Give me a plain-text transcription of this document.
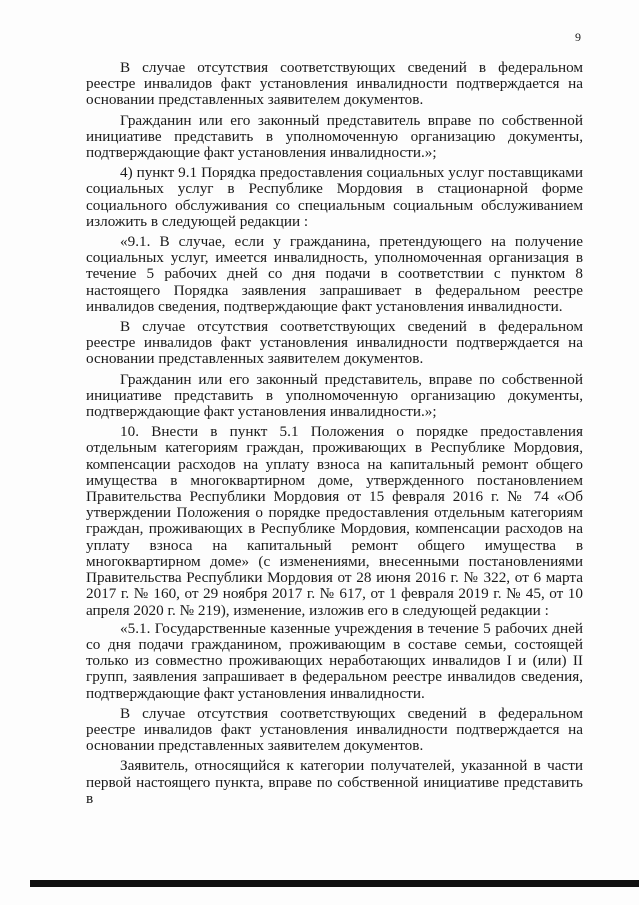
9

В случае отсутствия соответствующих сведений в федеральном реестре инвалидов факт установления инвалидности подтверждается на основании представленных заявителем документов.

Гражданин или его законный представитель вправе по собственной инициативе представить в уполномоченную организацию документы, подтверждающие факт установления инвалидности.»;

4) пункт 9.1 Порядка предоставления социальных услуг поставщиками социальных услуг в Республике Мордовия в стационарной форме социального обслуживания со специальным социальным обслуживанием изложить в следующей редакции :

«9.1. В случае, если у гражданина, претендующего на получение социальных услуг, имеется инвалидность, уполномоченная организация в течение 5 рабочих дней со дня подачи в соответствии с пунктом 8 настоящего Порядка заявления запрашивает в федеральном реестре инвалидов сведения, подтверждающие факт установления инвалидности.

В случае отсутствия соответствующих сведений в федеральном реестре инвалидов факт установления инвалидности подтверждается на основании представленных заявителем документов.

Гражданин или его законный представитель, вправе по собственной инициативе представить в уполномоченную организацию документы, подтверждающие факт установления инвалидности.»;

10. Внести в пункт 5.1 Положения о порядке предоставления отдельным категориям граждан, проживающих в Республике Мордовия, компенсации расходов на уплату взноса на капитальный ремонт общего имущества в многоквартирном доме, утвержденного постановлением Правительства Республики Мордовия от 15 февраля 2016 г. № 74 «Об утверждении Положения о порядке предоставления отдельным категориям граждан, проживающих в Республике Мордовия, компенсации расходов на уплату взноса на капитальный ремонт общего имущества в многоквартирном доме» (с изменениями, внесенными постановлениями Правительства Республики Мордовия от 28 июня 2016 г. № 322, от 6 марта 2017 г. № 160, от 29 ноября 2017 г. № 617, от 1 февраля 2019 г. № 45, от 10 апреля 2020 г. № 219), изменение, изложив его в следующей редакции :

«5.1. Государственные казенные учреждения в течение 5 рабочих дней со дня подачи гражданином, проживающим в составе семьи, состоящей только из совместно проживающих неработающих инвалидов I и (или) II групп, заявления запрашивает в федеральном реестре инвалидов сведения, подтверждающие факт установления инвалидности.

В случае отсутствия соответствующих сведений в федеральном реестре инвалидов факт установления инвалидности подтверждается на основании представленных заявителем документов.

Заявитель, относящийся к категории получателей, указанной в части первой настоящего пункта, вправе по собственной инициативе представить в
